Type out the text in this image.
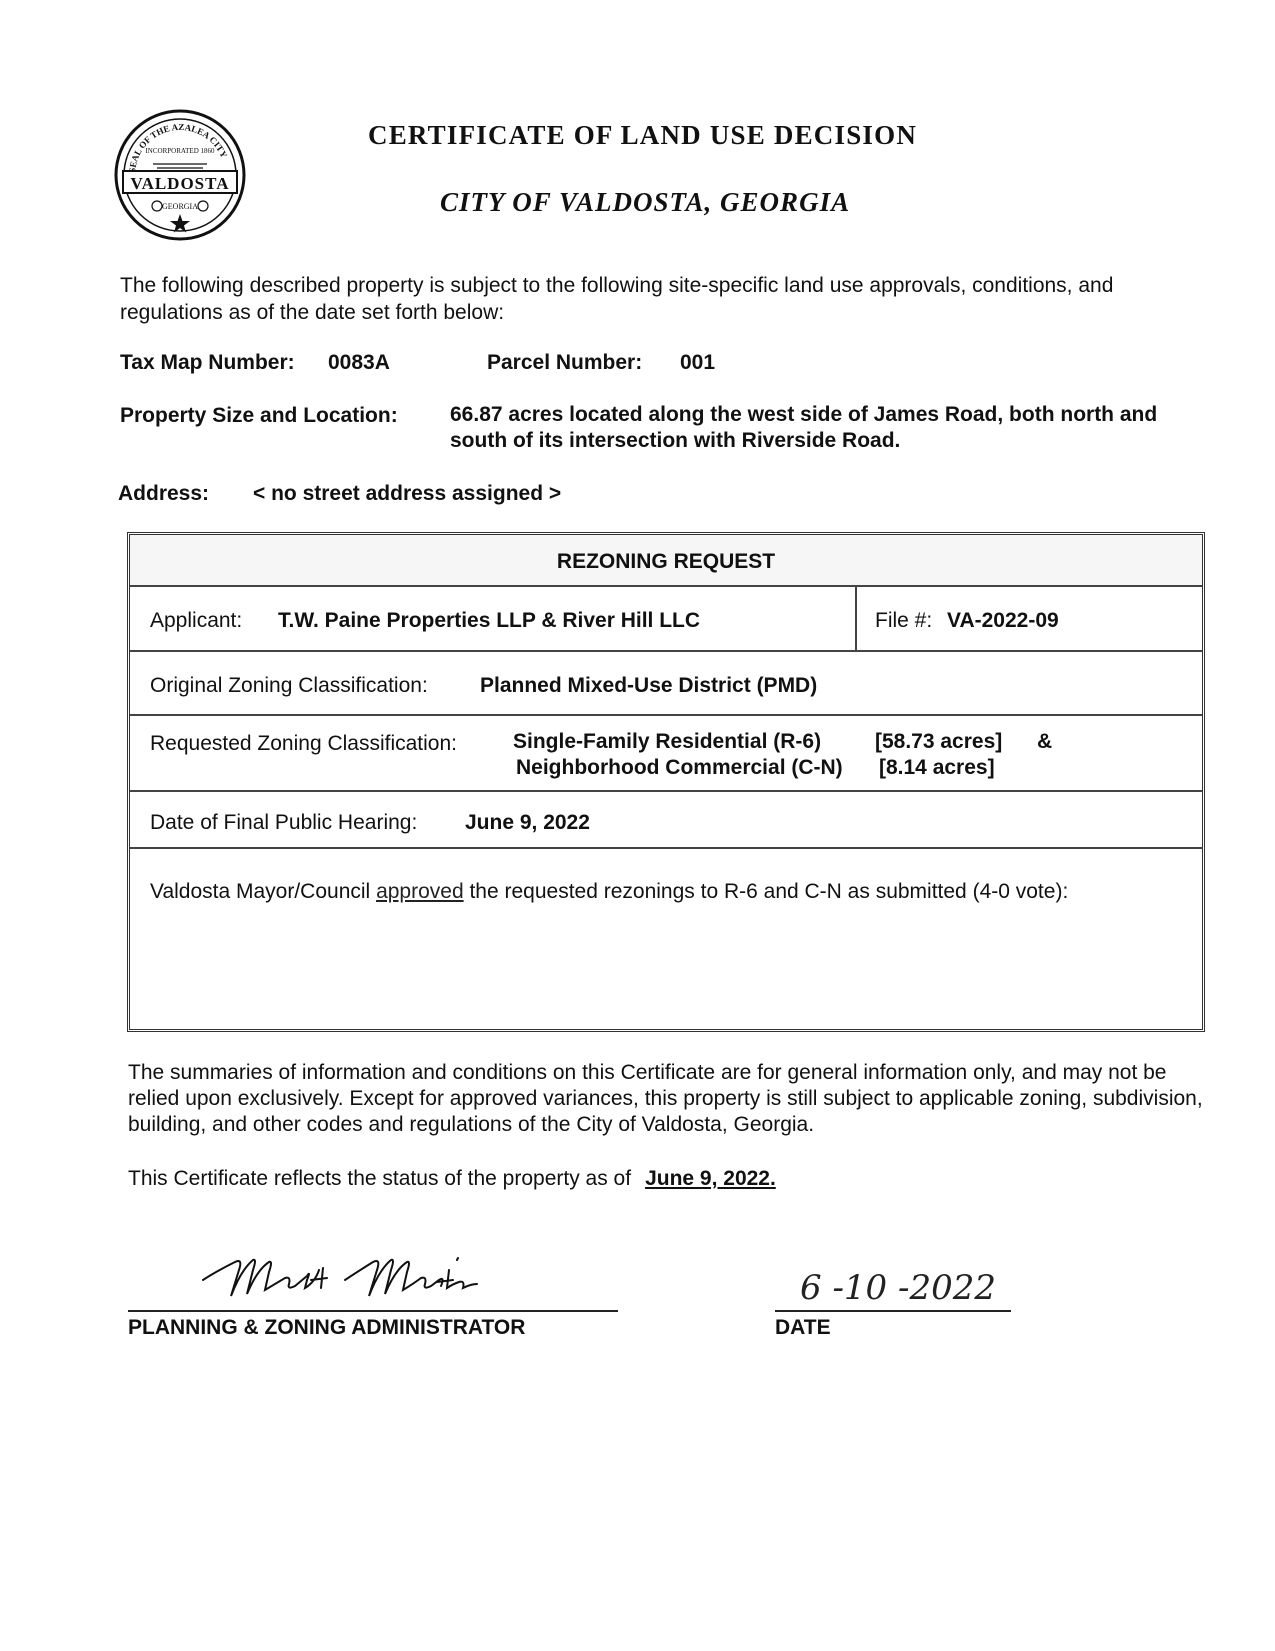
EAL OF THE AZALEA CITY
INCORPORATED 1860
VALDOSTA
GEORGIA
CERTIFICATE OF LAND USE DECISION
CITY OF VALDOSTA, GEORGIA
The following described property is subject to the following site-specific land use approvals, conditions, and regulations as of the date set forth below:
Tax Map Number: 0083A	Parcel Number: 001
Property Size and Location: 66.87 acres located along the west side of James Road, both north and south of its intersection with Riverside Road.
Address: < no street address assigned >
REZONING REQUEST
Applicant: T.W. Paine Properties LLP & River Hill LLC	File #: VA-2022-09
Original Zoning Classification: Planned Mixed-Use District (PMD)
Requested Zoning Classification:	Single-Family Residential (R-6)	[58.73 acres] &
Neighborhood Commercial (C-N) [8.14 acres]
Date of Final Public Hearing: June 9, 2022
Valdosta Mayor/Council approved the requested rezonings to R-6 and C-N as submitted (4-0 vote):
The summaries of information and conditions on this Certificate are for general information only, and may not be relied upon exclusively. Except for approved variances, this property is still subject to applicable zoning, subdivision, building, and other codes and regulations of the City of Valdosta, Georgia.
This Certificate reflects the status of the property as of June 9, 2022.
PLANNING & ZONING ADMINISTRATOR
6 -10 -2022
DATE
